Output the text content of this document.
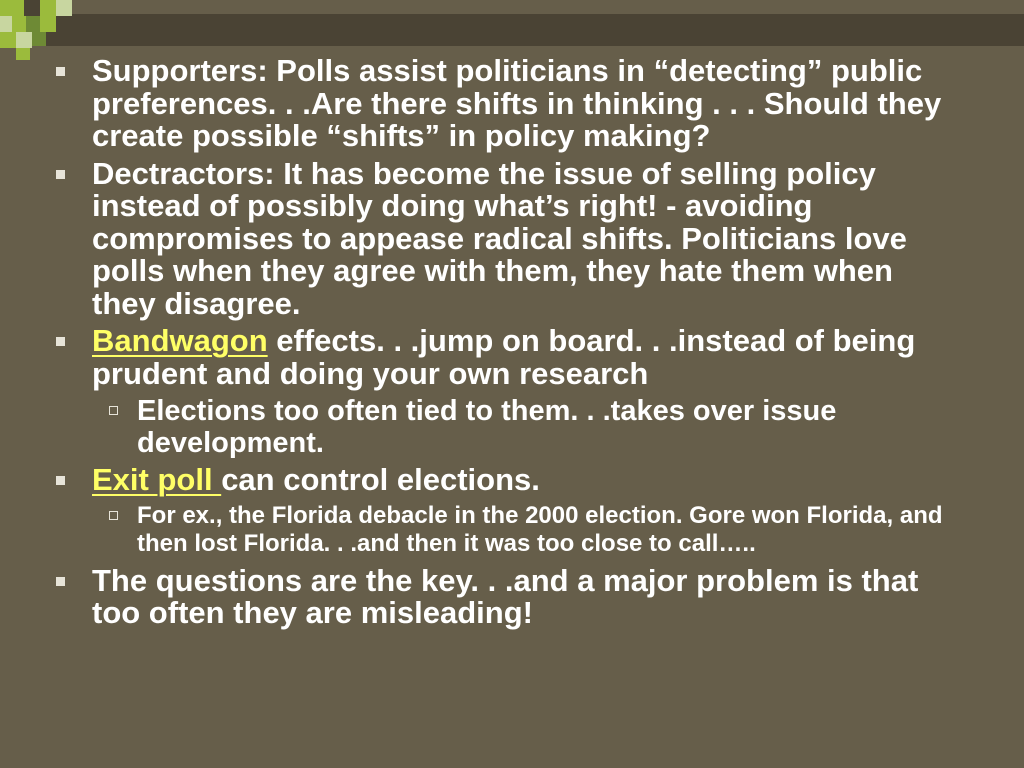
Supporters: Polls assist politicians in “detecting” public preferences. . .Are there shifts in thinking . . . Should they create possible “shifts” in policy making?
Dectractors: It has become the issue of selling policy instead of possibly doing what’s right! - avoiding compromises to appease radical shifts. Politicians love polls when they agree with them, they hate them when they disagree.
Bandwagon effects. . .jump on board. . .instead of being prudent and doing your own research
Elections too often tied to them. . .takes over issue development.
Exit poll can control elections.
For ex., the Florida debacle in the 2000 election. Gore won Florida, and then lost Florida. . .and then it was too close to call…..
The questions are the key. . .and a major problem is that too often they are misleading!
